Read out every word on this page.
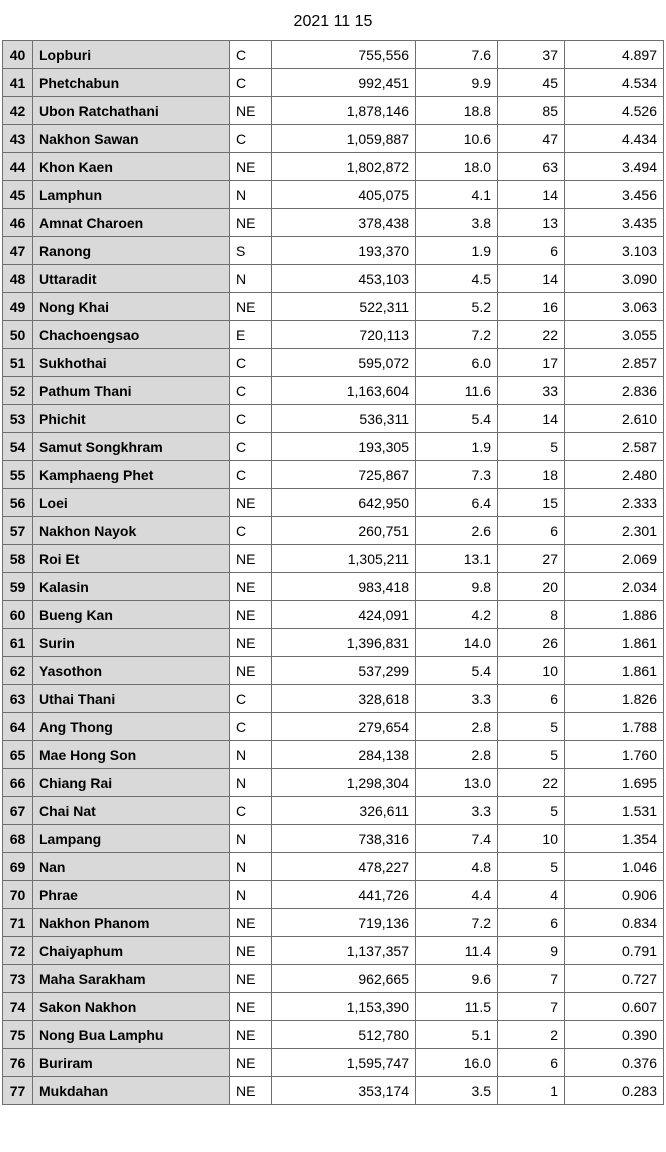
2021 11 15
40	Lopburi	C	755,556	7.6	37	4.897
41	Phetchabun	C	992,451	9.9	45	4.534
42	Ubon Ratchathani	NE	1,878,146	18.8	85	4.526
43	Nakhon Sawan	C	1,059,887	10.6	47	4.434
44	Khon Kaen	NE	1,802,872	18.0	63	3.494
45	Lamphun	N	405,075	4.1	14	3.456
46	Amnat Charoen	NE	378,438	3.8	13	3.435
47	Ranong	S	193,370	1.9	6	3.103
48	Uttaradit	N	453,103	4.5	14	3.090
49	Nong Khai	NE	522,311	5.2	16	3.063
50	Chachoengsao	E	720,113	7.2	22	3.055
51	Sukhothai	C	595,072	6.0	17	2.857
52	Pathum Thani	C	1,163,604	11.6	33	2.836
53	Phichit	C	536,311	5.4	14	2.610
54	Samut Songkhram	C	193,305	1.9	5	2.587
55	Kamphaeng Phet	C	725,867	7.3	18	2.480
56	Loei	NE	642,950	6.4	15	2.333
57	Nakhon Nayok	C	260,751	2.6	6	2.301
58	Roi Et	NE	1,305,211	13.1	27	2.069
59	Kalasin	NE	983,418	9.8	20	2.034
60	Bueng Kan	NE	424,091	4.2	8	1.886
61	Surin	NE	1,396,831	14.0	26	1.861
62	Yasothon	NE	537,299	5.4	10	1.861
63	Uthai Thani	C	328,618	3.3	6	1.826
64	Ang Thong	C	279,654	2.8	5	1.788
65	Mae Hong Son	N	284,138	2.8	5	1.760
66	Chiang Rai	N	1,298,304	13.0	22	1.695
67	Chai Nat	C	326,611	3.3	5	1.531
68	Lampang	N	738,316	7.4	10	1.354
69	Nan	N	478,227	4.8	5	1.046
70	Phrae	N	441,726	4.4	4	0.906
71	Nakhon Phanom	NE	719,136	7.2	6	0.834
72	Chaiyaphum	NE	1,137,357	11.4	9	0.791
73	Maha Sarakham	NE	962,665	9.6	7	0.727
74	Sakon Nakhon	NE	1,153,390	11.5	7	0.607
75	Nong Bua Lamphu	NE	512,780	5.1	2	0.390
76	Buriram	NE	1,595,747	16.0	6	0.376
77	Mukdahan	NE	353,174	3.5	1	0.283
